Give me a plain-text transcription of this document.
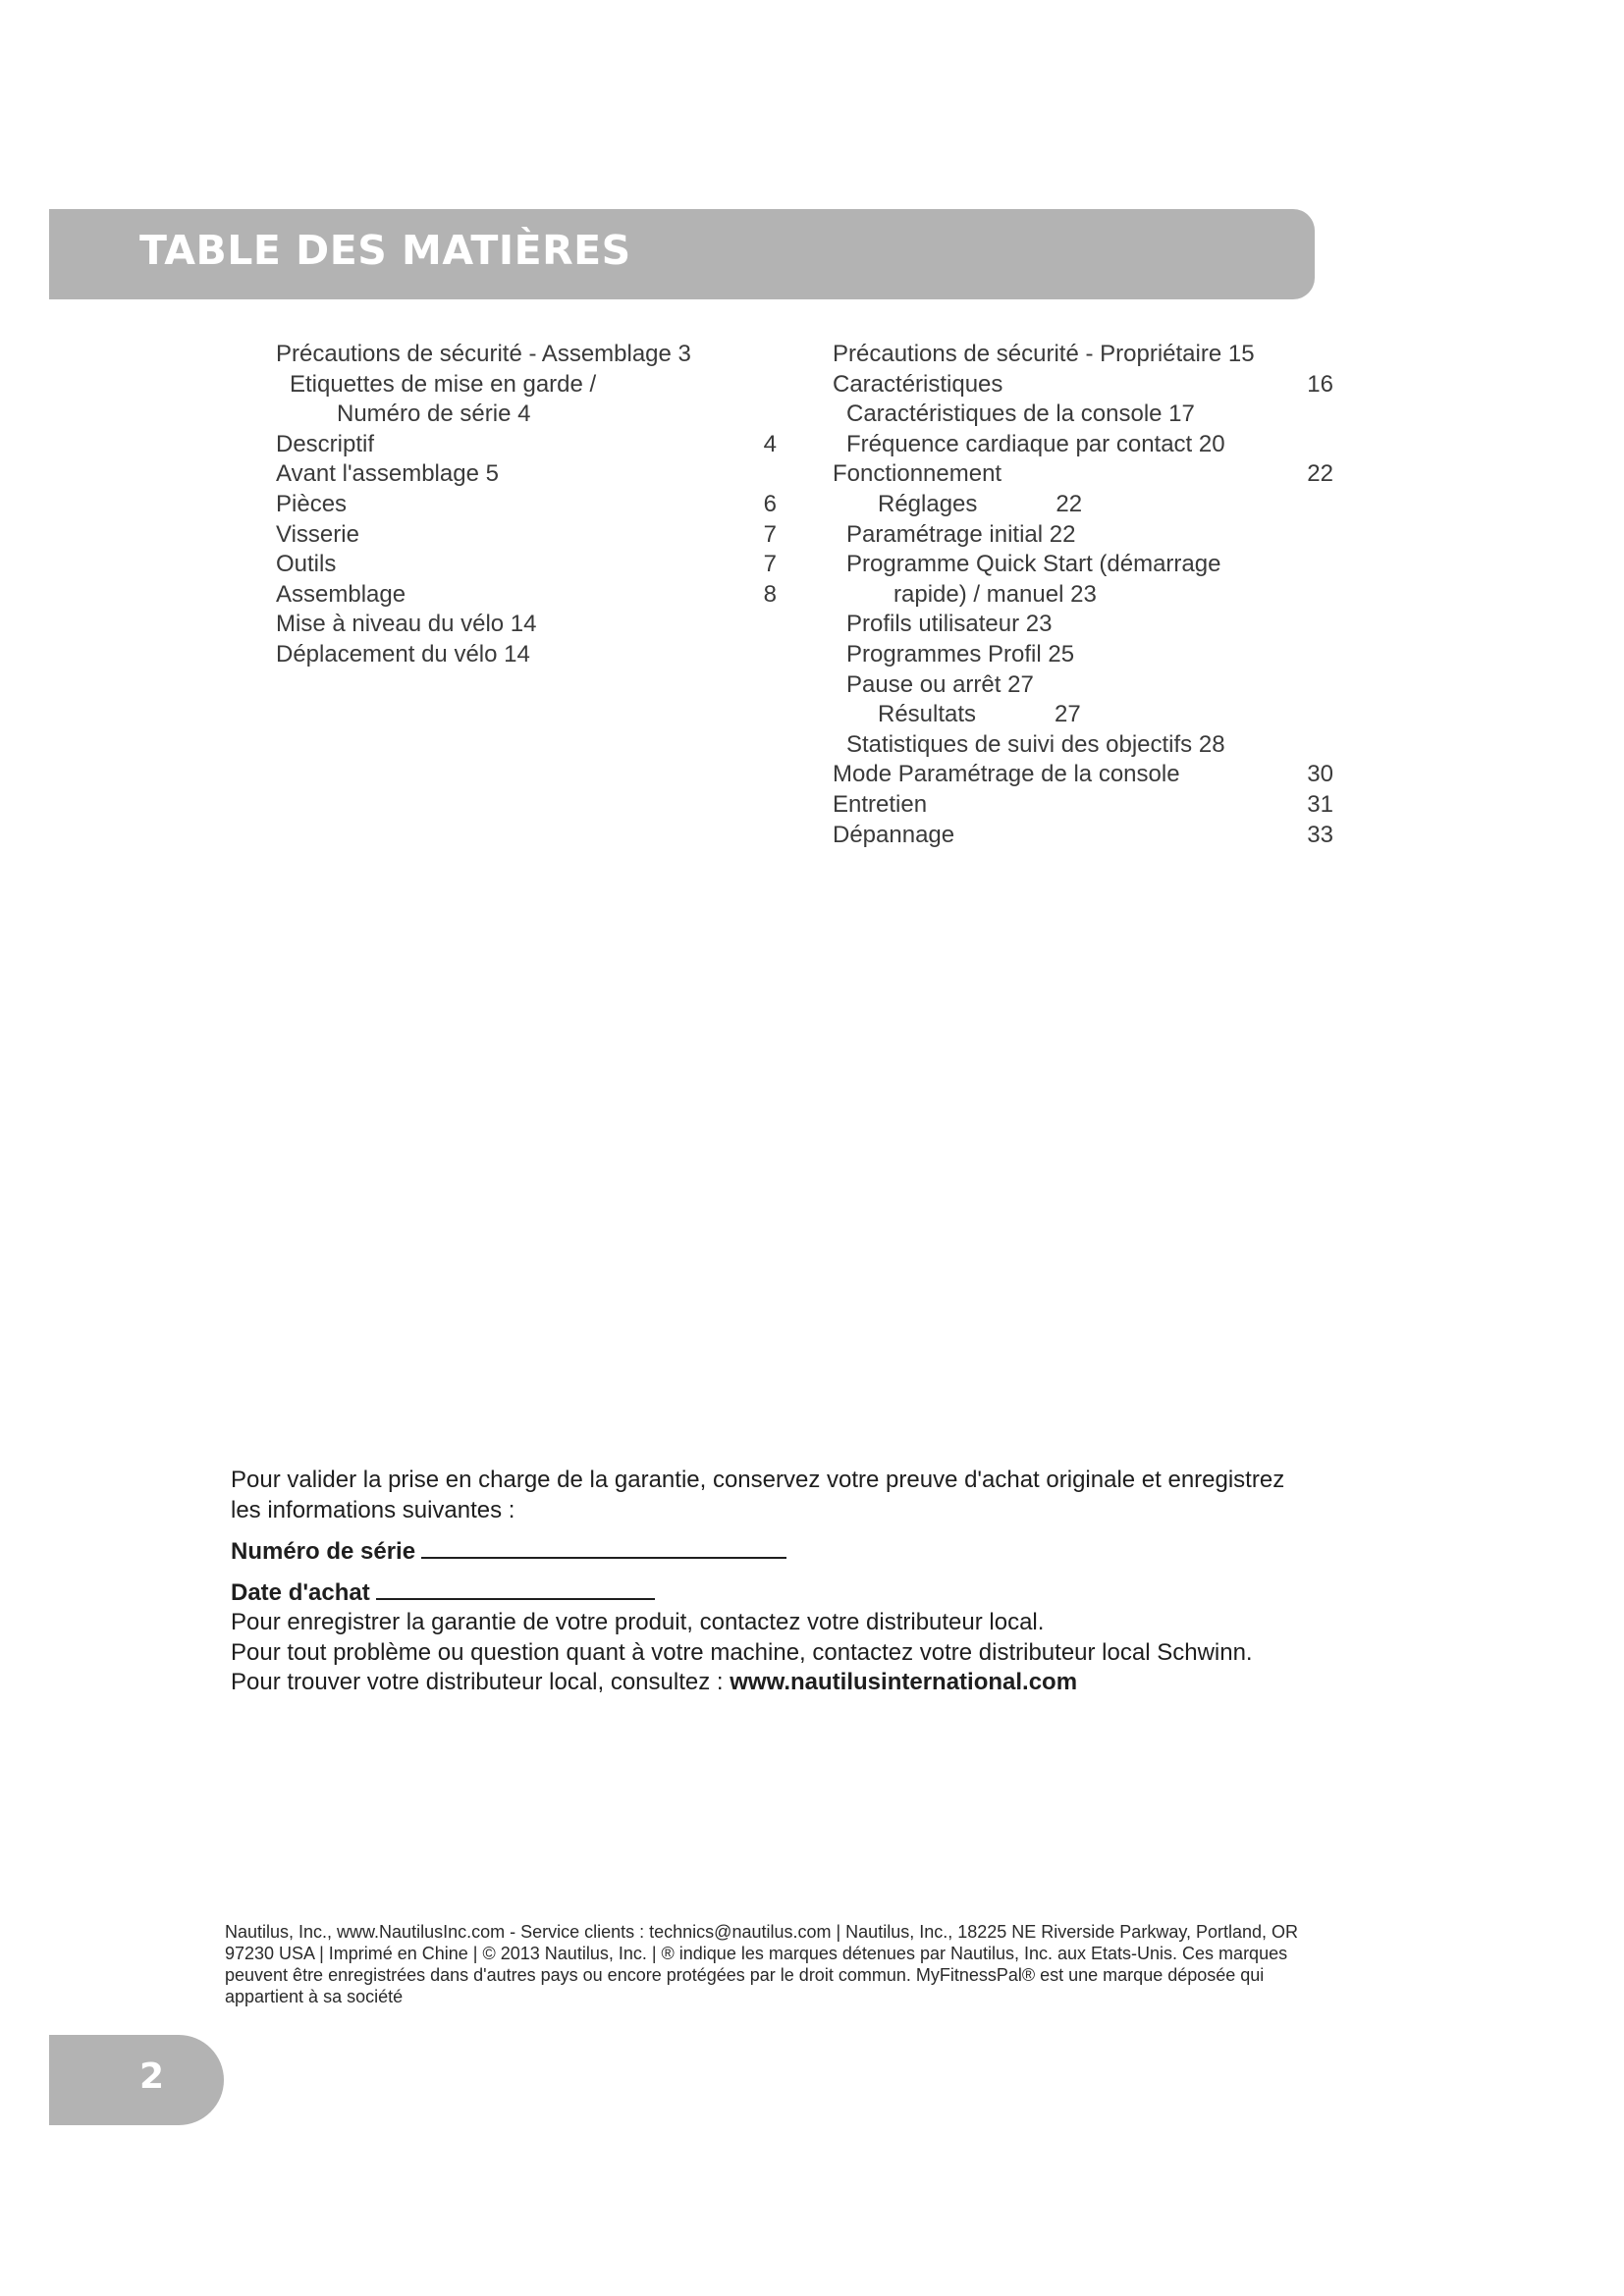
TABLE DES MATIÈRES
Précautions de sécurité - Assemblage 3
Etiquettes de mise en garde /
Numéro de série 4
Descriptif	4
Avant l'assemblage 5
Pièces	6
Visserie	7
Outils	7
Assemblage	8
Mise à niveau du vélo 14
Déplacement du vélo 14
Précautions de sécurité - Propriétaire 15
Caractéristiques	16
Caractéristiques de la console 17
Fréquence cardiaque par contact 20
Fonctionnement	22
Réglages            22
Paramétrage initial 22
Programme Quick Start (démarrage
rapide) / manuel 23
Profils utilisateur 23
Programmes Profil 25
Pause ou arrêt 27
Résultats            27
Statistiques de suivi des objectifs 28
Mode Paramétrage de la console	30
Entretien	31
Dépannage	33

Pour valider la prise en charge de la garantie, conservez votre preuve d'achat originale et enregistrez
les informations suivantes :

Numéro de série
Date d'achat

Pour enregistrer la garantie de votre produit, contactez votre distributeur local.

Pour tout problème ou question quant à votre machine, contactez votre distributeur local Schwinn.
Pour trouver votre distributeur local, consultez : www.nautilusinternational.com

Nautilus, Inc., www.NautilusInc.com - Service clients : technics@nautilus.com | Nautilus, Inc., 18225 NE Riverside Parkway, Portland, OR
97230 USA | Imprimé en Chine | © 2013 Nautilus, Inc. | ® indique les marques détenues par Nautilus, Inc. aux Etats-Unis. Ces marques
peuvent être enregistrées dans d'autres pays ou encore protégées par le droit commun. MyFitnessPal® est une marque déposée qui
appartient à sa société

2
